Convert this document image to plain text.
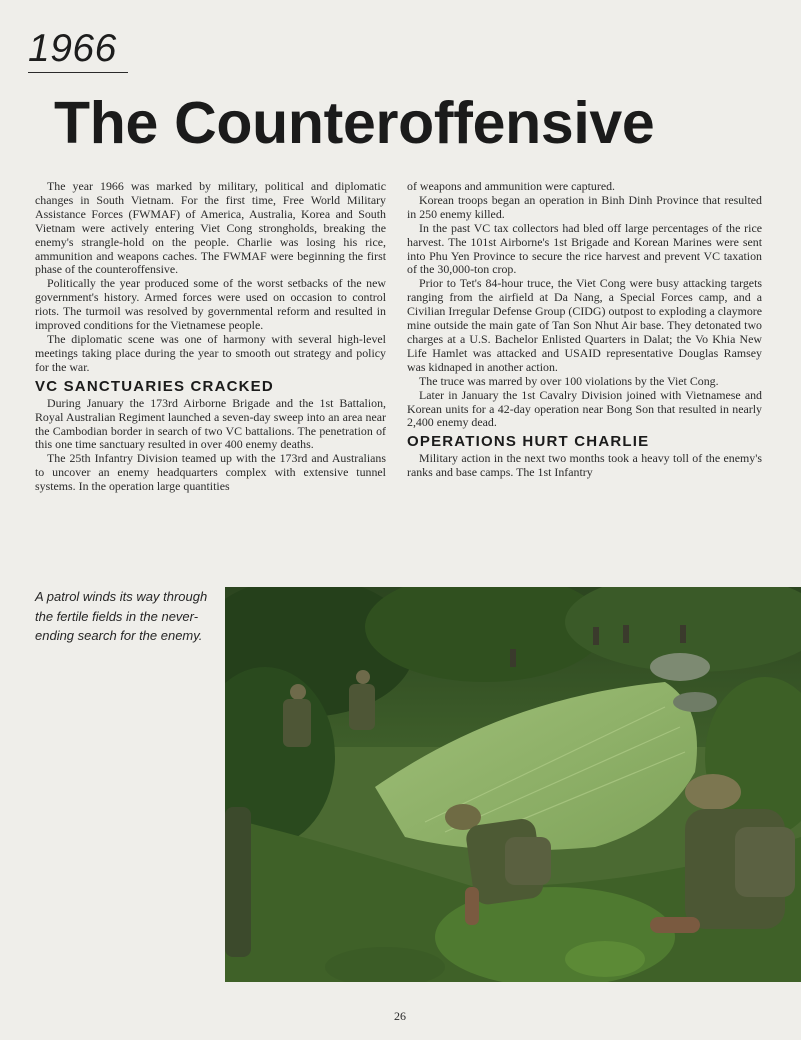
1966
The Counteroffensive

The year 1966 was marked by military, political and diplomatic changes in South Vietnam. For the first time, Free World Military Assistance Forces (FWMAF) of America, Australia, Korea and South Vietnam were actively entering Viet Cong strongholds, breaking the enemy's strangle-hold on the people. Charlie was losing his rice, ammunition and weapons caches. The FWMAF were beginning the first phase of the counteroffensive.

Politically the year produced some of the worst setbacks of the new government's history. Armed forces were used on occasion to control riots. The turmoil was resolved by governmental reform and resulted in improved conditions for the Vietnamese people.

The diplomatic scene was one of harmony with several high-level meetings taking place during the year to smooth out strategy and policy for the war.

VC SANCTUARIES CRACKED

During January the 173rd Airborne Brigade and the 1st Battalion, Royal Australian Regiment launched a seven-day sweep into an area near the Cambodian border in search of two VC battalions. The penetration of this one time sanctuary resulted in over 400 enemy deaths.

The 25th Infantry Division teamed up with the 173rd and Australians to uncover an enemy headquarters complex with extensive tunnel systems. In the operation large quantities

of weapons and ammunition were captured.

Korean troops began an operation in Binh Dinh Province that resulted in 250 enemy killed.

In the past VC tax collectors had bled off large percentages of the rice harvest. The 101st Airborne's 1st Brigade and Korean Marines were sent into Phu Yen Province to secure the rice harvest and prevent VC taxation of the 30,000-ton crop.

Prior to Tet's 84-hour truce, the Viet Cong were busy attacking targets ranging from the airfield at Da Nang, a Special Forces camp, and a Civilian Irregular Defense Group (CIDG) outpost to exploding a claymore mine outside the main gate of Tan Son Nhut Air base. They detonated two charges at a U.S. Bachelor Enlisted Quarters in Dalat; the Vo Khia New Life Hamlet was attacked and USAID representative Douglas Ramsey was kidnaped in another action.

The truce was marred by over 100 violations by the Viet Cong.

Later in January the 1st Cavalry Division joined with Vietnamese and Korean units for a 42-day operation near Bong Son that resulted in nearly 2,400 enemy dead.

OPERATIONS HURT CHARLIE

Military action in the next two months took a heavy toll of the enemy's ranks and base camps. The 1st Infantry

A patrol winds its way through the fertile fields in the never-ending search for the enemy.
26
